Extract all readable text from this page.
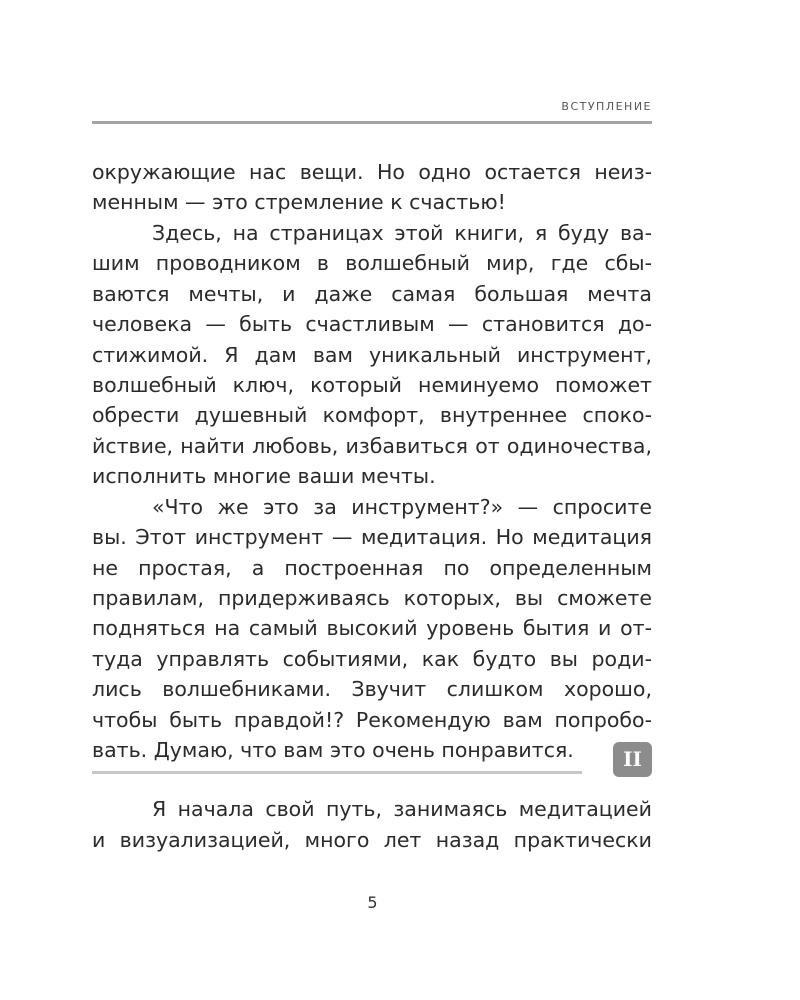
ВСТУПЛЕНИЕ
окружающие нас вещи. Но одно остается неиз-
менным — это стремление к счастью!
Здесь, на страницах этой книги, я буду ва-
шим проводником в волшебный мир, где сбы-
ваются мечты, и даже самая большая мечта
человека — быть счастливым — становится до-
стижимой. Я дам вам уникальный инструмент,
волшебный ключ, который неминуемо поможет
обрести душевный комфорт, внутреннее споко-
йствие, найти любовь, избавиться от одиночества,
исполнить многие ваши мечты.
«Что же это за инструмент?» — спросите
вы. Этот инструмент — медитация. Но медитация
не простая, а построенная по определенным
правилам, придерживаясь которых, вы сможете
подняться на самый высокий уровень бытия и от-
туда управлять событиями, как будто вы роди-
лись волшебниками. Звучит слишком хорошо,
чтобы быть правдой!? Рекомендую вам попробо-
вать. Думаю, что вам это очень понравится.	II
Я начала свой путь, занимаясь медитацией
и визуализацией, много лет назад практически
5
